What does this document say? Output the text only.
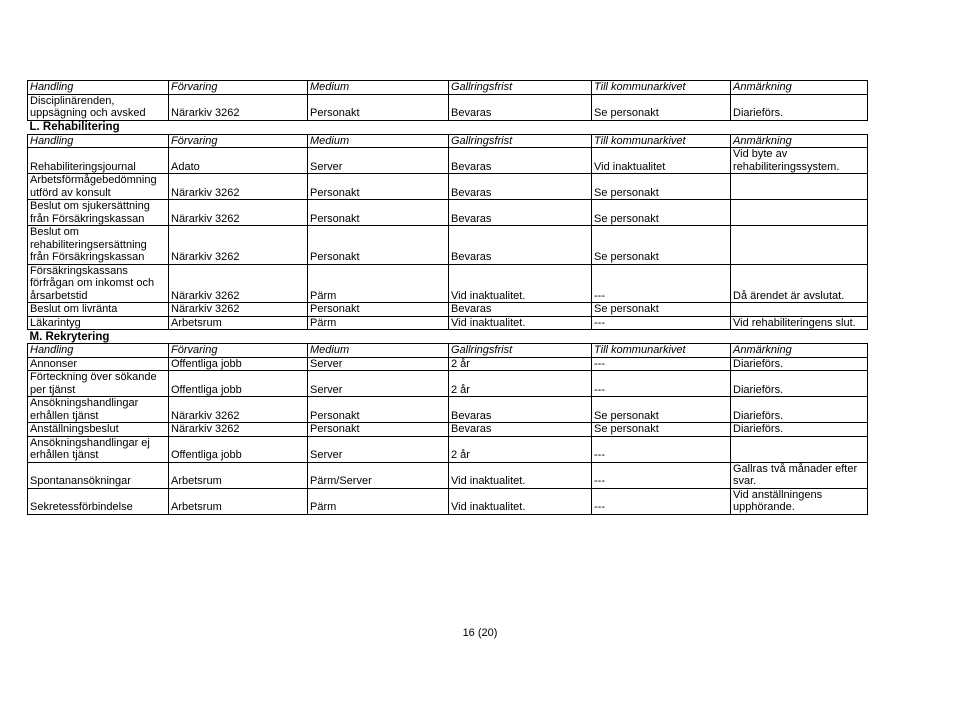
Handling	Förvaring	Medium	Gallringsfrist	Till kommunarkivet	Anmärkning
Disciplinärenden, uppsägning och avsked	Närarkiv 3262	Personakt	Bevaras	Se personakt	Diarieförs.
L. Rehabilitering					
Handling	Förvaring	Medium	Gallringsfrist	Till kommunarkivet	Anmärkning
Rehabiliteringsjournal	Adato	Server	Bevaras	Vid inaktualitet	Vid byte av rehabiliteringssystem.
Arbetsförmågebedömning utförd av konsult	Närarkiv 3262	Personakt	Bevaras	Se personakt	
Beslut om sjukersättning från Försäkringskassan	Närarkiv 3262	Personakt	Bevaras	Se personakt	
Beslut om rehabiliteringsersättning från Försäkringskassan	Närarkiv 3262	Personakt	Bevaras	Se personakt	
Försäkringskassans förfrågan om inkomst och årsarbetstid	Närarkiv 3262	Pärm	Vid inaktualitet.	---	Då ärendet är avslutat.
Beslut om livränta	Närarkiv 3262	Personakt	Bevaras	Se personakt	
Läkarintyg	Arbetsrum	Pärm	Vid inaktualitet.	---	Vid rehabiliteringens slut.
M. Rekrytering					
Handling	Förvaring	Medium	Gallringsfrist	Till kommunarkivet	Anmärkning
Annonser	Offentliga jobb	Server	2 år	---	Diarieförs.
Förteckning över sökande per tjänst	Offentliga jobb	Server	2 år	---	Diarieförs.
Ansökningshandlingar erhållen tjänst	Närarkiv 3262	Personakt	Bevaras	Se personakt	Diarieförs.
Anställningsbeslut	Närarkiv 3262	Personakt	Bevaras	Se personakt	Diarieförs.
Ansökningshandlingar ej erhållen tjänst	Offentliga jobb	Server	2 år	---	
Spontanansökningar	Arbetsrum	Pärm/Server	Vid inaktualitet.	---	Gallras två månader efter svar.
Sekretessförbindelse	Arbetsrum	Pärm	Vid inaktualitet.	---	Vid anställningens upphörande.
16 (20)
